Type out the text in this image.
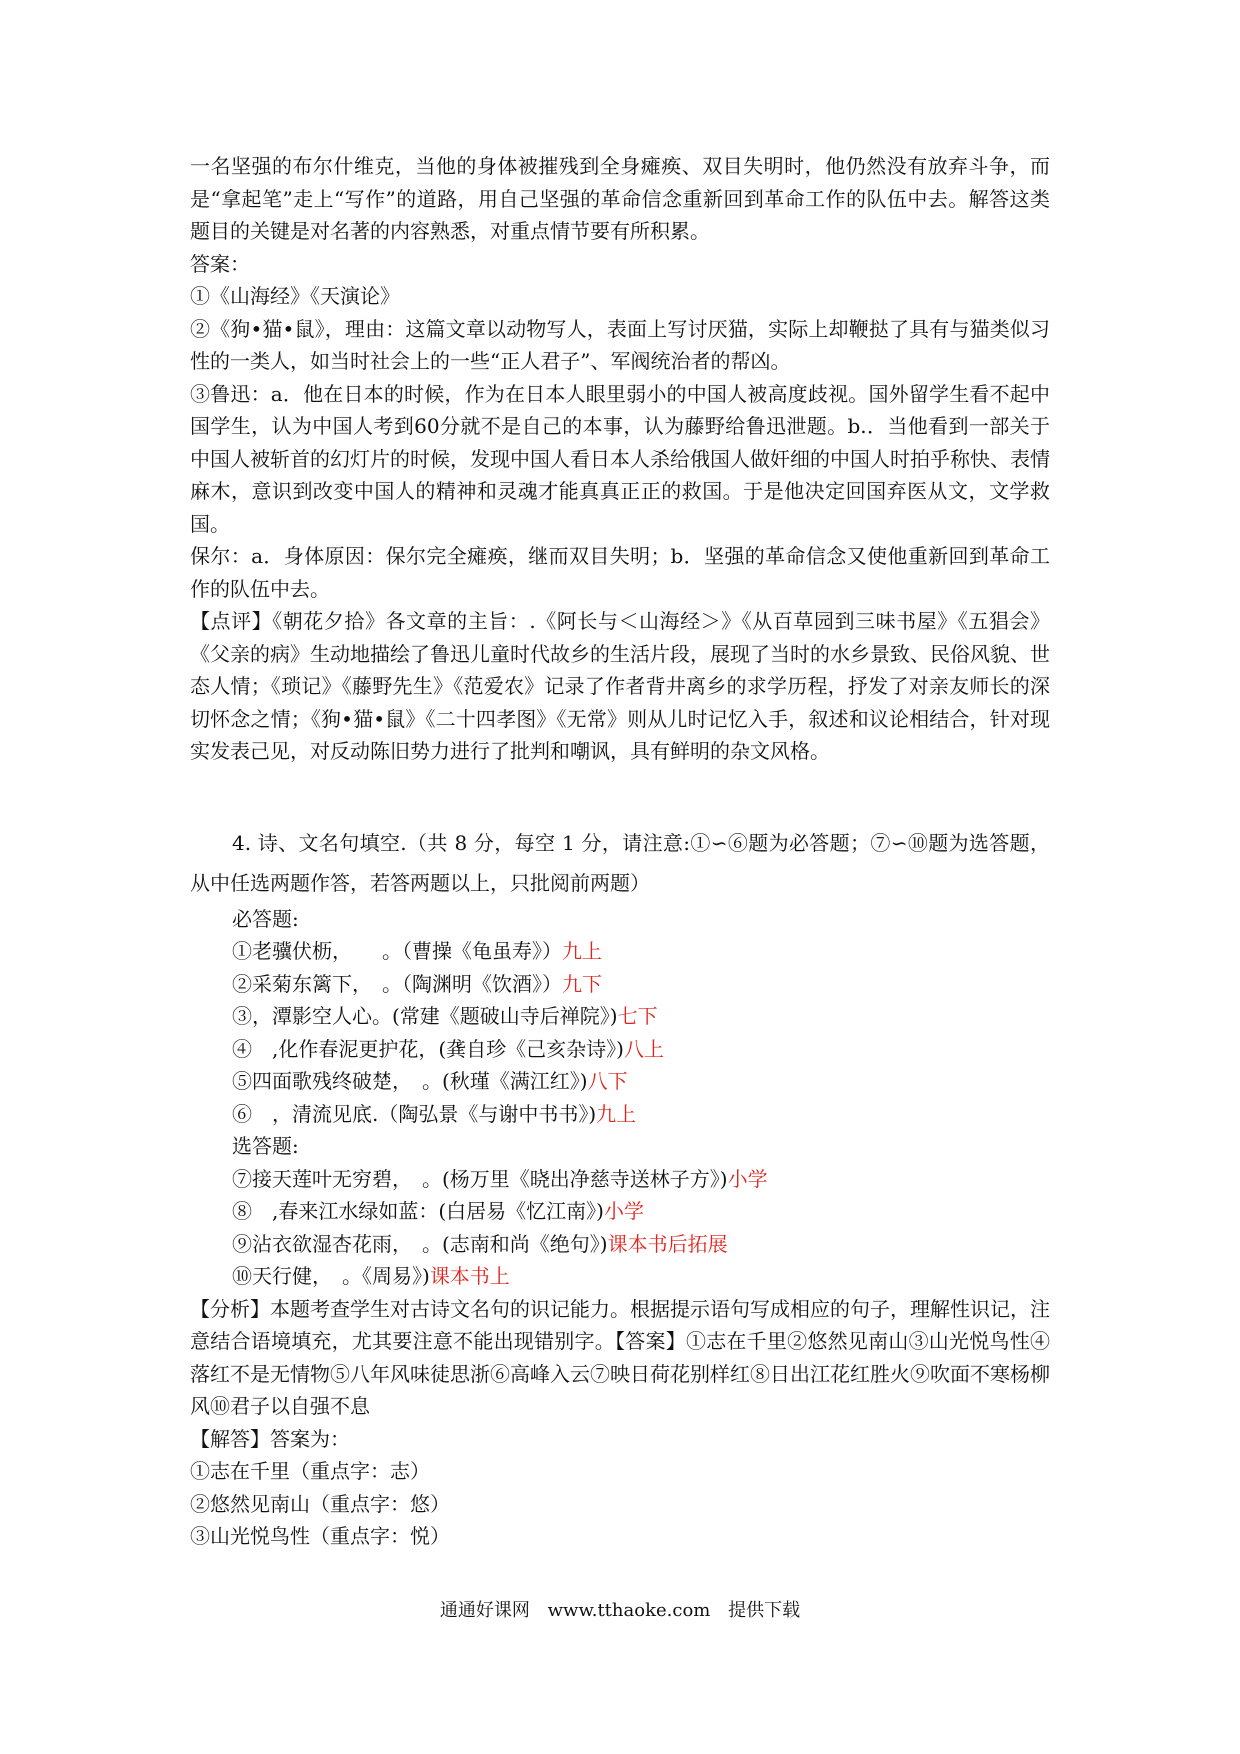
一名坚强的布尔什维克，当他的身体被摧残到全身瘫痪、双目失明时，他仍然没有放弃斗争，而是“拿起笔”走上“写作”的道路，用自己坚强的革命信念重新回到革命工作的队伍中去。解答这类题目的关键是对名著的内容熟悉，对重点情节要有所积累。

答案：

①《山海经》《天演论》

②《狗•猫•鼠》，理由：这篇文章以动物写人，表面上写讨厌猫，实际上却鞭挞了具有与猫类似习性的一类人，如当时社会上的一些“正人君子”、军阀统治者的帮凶。

③鲁迅：a．他在日本的时候，作为在日本人眼里弱小的中国人被高度歧视。国外留学生看不起中国学生，认为中国人考到60分就不是自己的本事，认为藤野给鲁迅泄题。b.．当他看到一部关于中国人被斩首的幻灯片的时候，发现中国人看日本人杀给俄国人做奸细的中国人时拍乎称快、表情麻木，意识到改变中国人的精神和灵魂才能真真正正的救国。于是他决定回国弃医从文，文学救国。

保尔：a．身体原因：保尔完全瘫痪，继而双目失明；b．坚强的革命信念又使他重新回到革命工作的队伍中去。

【点评】《朝花夕拾》各文章的主旨：.《阿长与＜山海经＞》《从百草园到三味书屋》《五猖会》《父亲的病》生动地描绘了鲁迅儿童时代故乡的生活片段，展现了当时的水乡景致、民俗风貌、世态人情；《琐记》《藤野先生》《范爱农》记录了作者背井离乡的求学历程，抒发了对亲友师长的深切怀念之情；《狗•猫•鼠》《二十四孝图》《无常》则从儿时记忆入手，叙述和议论相结合，针对现实发表己见，对反动陈旧势力进行了批判和嘲讽，具有鲜明的杂文风格。

4. 诗、文名句填空.（共 8 分，每空 1 分，请注意:①∽⑥题为必答题；⑦∽⑩题为选答题，从中任选两题作答，若答两题以上，只批阅前两题）

必答题:

①老骥伏枥，　　。（曹操《龟虽寿》）九上

②采菊东篱下，　。（陶渊明《饮酒》）九下

③，潭影空人心。(常建《题破山寺后禅院》)七下

④　,化作春泥更护花，(龚自珍《己亥杂诗》)八上

⑤四面歌残终破楚，　。(秋瑾《满江红》)八下

⑥　，清流见底.（陶弘景《与谢中书书》)九上

选答题:

⑦接天莲叶无穷碧，　。(杨万里《晓出净慈寺送林子方》)小学

⑧　,春来江水绿如蓝：(白居易《忆江南》)小学

⑨沾衣欲湿杏花雨，　。(志南和尚《绝句》)课本书后拓展

⑩天行健，　。《周易》)课本书上

【分析】本题考查学生对古诗文名句的识记能力。根据提示语句写成相应的句子，理解性识记，注意结合语境填充，尤其要注意不能出现错别字。【答案】①志在千里②悠然见南山③山光悦鸟性④落红不是无情物⑤八年风味徒思浙⑥高峰入云⑦映日荷花别样红⑧日出江花红胜火⑨吹面不寒杨柳风⑩君子以自强不息

【解答】答案为：

①志在千里（重点字：志）

②悠然见南山（重点字：悠）

③山光悦鸟性（重点字：悦）

通通好课网 www.tthaoke.com 提供下载
